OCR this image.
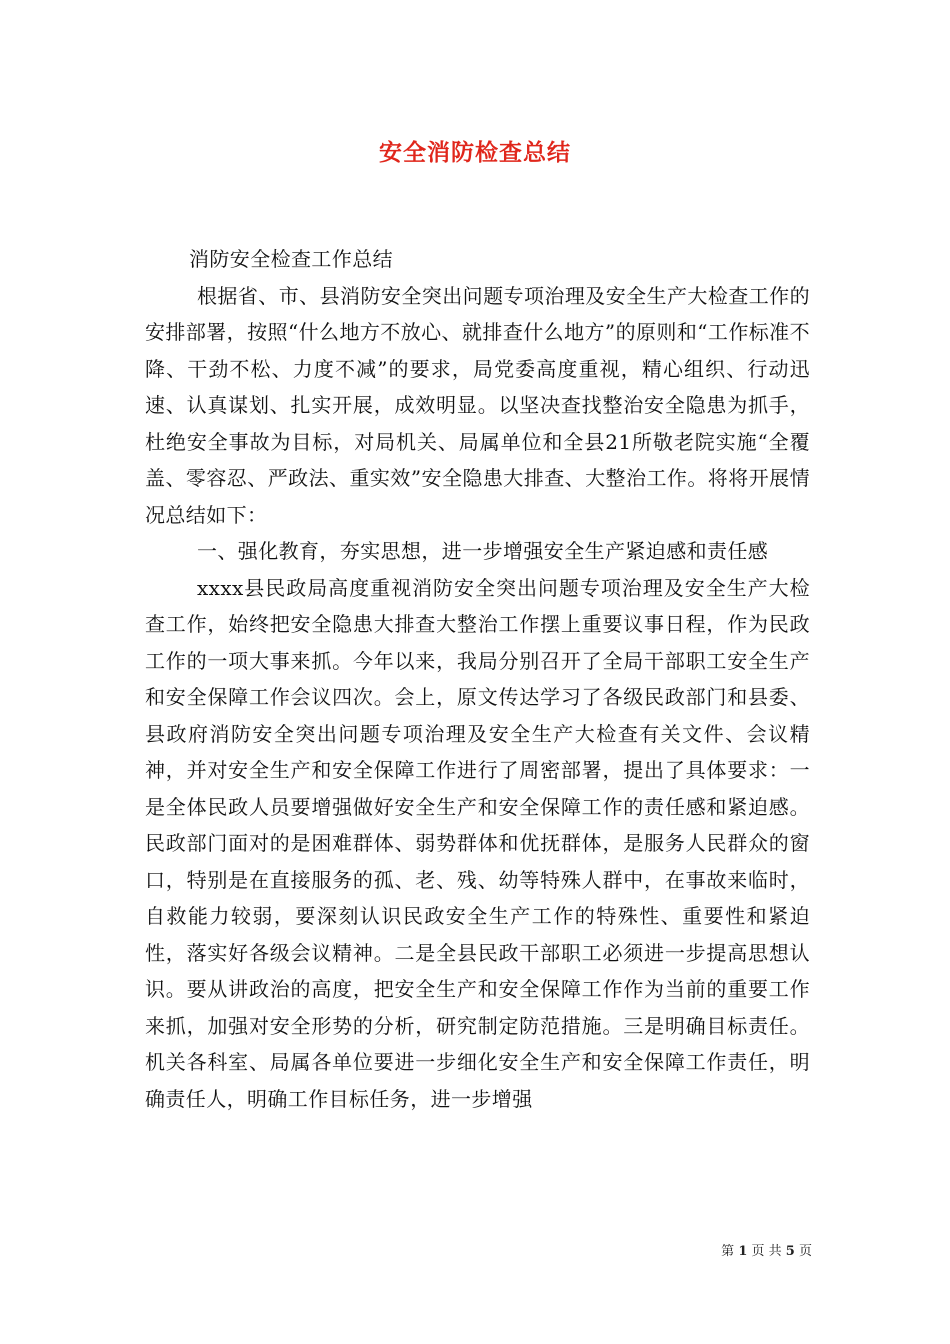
安全消防检查总结

消防安全检查工作总结

根据省、市、县消防安全突出问题专项治理及安全生产大检查工作的安排部署，按照“什么地方不放心、就排查什么地方”的原则和“工作标准不降、干劲不松、力度不减”的要求，局党委高度重视，精心组织、行动迅速、认真谋划、扎实开展，成效明显。以坚决查找整治安全隐患为抓手，杜绝安全事故为目标，对局机关、局属单位和全县21所敬老院实施“全覆盖、零容忍、严政法、重实效”安全隐患大排查、大整治工作。将将开展情况总结如下：

一、强化教育，夯实思想，进一步增强安全生产紧迫感和责任感

xxxx县民政局高度重视消防安全突出问题专项治理及安全生产大检查工作，始终把安全隐患大排查大整治工作摆上重要议事日程，作为民政工作的一项大事来抓。今年以来，我局分别召开了全局干部职工安全生产和安全保障工作会议四次。会上，原文传达学习了各级民政部门和县委、县政府消防安全突出问题专项治理及安全生产大检查有关文件、会议精神，并对安全生产和安全保障工作进行了周密部署，提出了具体要求：一是全体民政人员要增强做好安全生产和安全保障工作的责任感和紧迫感。民政部门面对的是困难群体、弱势群体和优抚群体，是服务人民群众的窗口，特别是在直接服务的孤、老、残、幼等特殊人群中，在事故来临时，自救能力较弱，要深刻认识民政安全生产工作的特殊性、重要性和紧迫性，落实好各级会议精神。二是全县民政干部职工必须进一步提高思想认识。要从讲政治的高度，把安全生产和安全保障工作作为当前的重要工作来抓，加强对安全形势的分析，研究制定防范措施。三是明确目标责任。机关各科室、局属各单位要进一步细化安全生产和安全保障工作责任，明确责任人，明确工作目标任务，进一步增强

第 1 页 共 5 页
